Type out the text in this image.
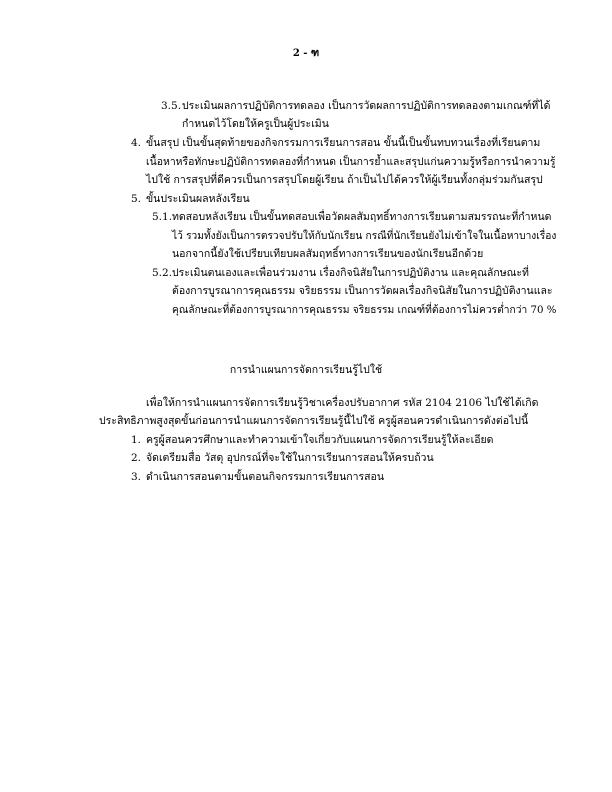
2 - ฑ
3.5. ประเมินผลการปฏิบัติการทดลอง เป็นการวัดผลการปฏิบัติการทดลองตามเกณฑ์ที่ได้
กำหนดไว้โดยให้ครูเป็นผู้ประเมิน
4. ขั้นสรุป เป็นขั้นสุดท้ายของกิจกรรมการเรียนการสอน ขั้นนี้เป็นขั้นทบทวนเรื่องที่เรียนตาม
เนื้อหาหรือทักษะปฏิบัติการทดลองที่กำหนด เป็นการย้ำและสรุปแก่นความรู้หรือการนำความรู้
ไปใช้ การสรุปที่ดีควรเป็นการสรุปโดยผู้เรียน ถ้าเป็นไปได้ควรให้ผู้เรียนทั้งกลุ่มร่วมกันสรุป
5. ขั้นประเมินผลหลังเรียน
5.1. ทดสอบหลังเรียน เป็นขั้นทดสอบเพื่อวัดผลสัมฤทธิ์ทางการเรียนตามสมรรถนะที่กำหนด
ไว้ รวมทั้งยังเป็นการตรวจปรับให้กับนักเรียน กรณีที่นักเรียนยังไม่เข้าใจในเนื้อหาบางเรื่อง
นอกจากนี้ยังใช้เปรียบเทียบผลสัมฤทธิ์ทางการเรียนของนักเรียนอีกด้วย
5.2. ประเมินตนเองและเพื่อนร่วมงาน เรื่องกิจนิสัยในการปฏิบัติงาน และคุณลักษณะที่
ต้องการบูรณาการคุณธรรม จริยธรรม เป็นการวัดผลเรื่องกิจนิสัยในการปฏิบัติงานและ
คุณลักษณะที่ต้องการบูรณาการคุณธรรม จริยธรรม เกณฑ์ที่ต้องการไม่ควรต่ำกว่า 70 %
การนำแผนการจัดการเรียนรู้ไปใช้
เพื่อให้การนำแผนการจัดการเรียนรู้วิชาเครื่องปรับอากาศ รหัส 2104 2106 ไปใช้ได้เกิด
ประสิทธิภาพสูงสุดขั้นก่อนการนำแผนการจัดการเรียนรู้นี้ไปใช้ ครูผู้สอนควรดำเนินการดังต่อไปนี้
1. ครูผู้สอนควรศึกษาและทำความเข้าใจเกี่ยวกับแผนการจัดการเรียนรู้ให้ละเอียด
2. จัดเตรียมสื่อ วัสดุ อุปกรณ์ที่จะใช้ในการเรียนการสอนให้ครบถ้วน
3. ดำเนินการสอนตามขั้นตอนกิจกรรมการเรียนการสอน
